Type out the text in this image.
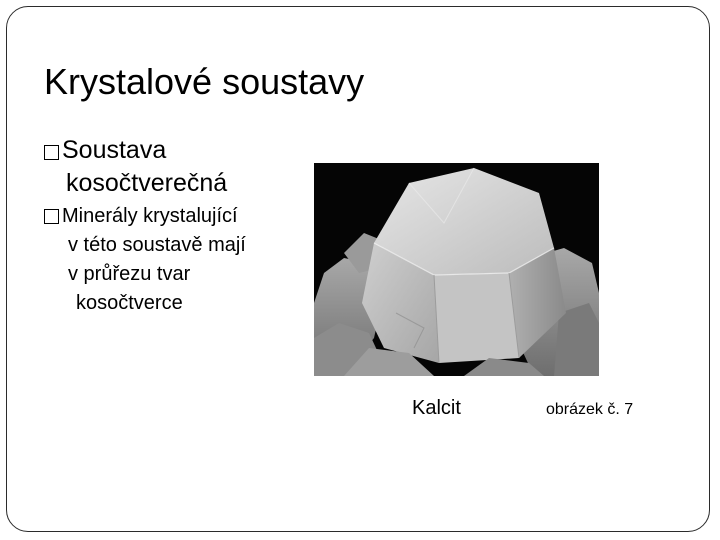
Krystalové soustavy
Soustava
kosočtverečná
Minerály krystalující
v této soustavě mají
v průřezu tvar
kosočtverce
Kalcit	obrázek č. 7
